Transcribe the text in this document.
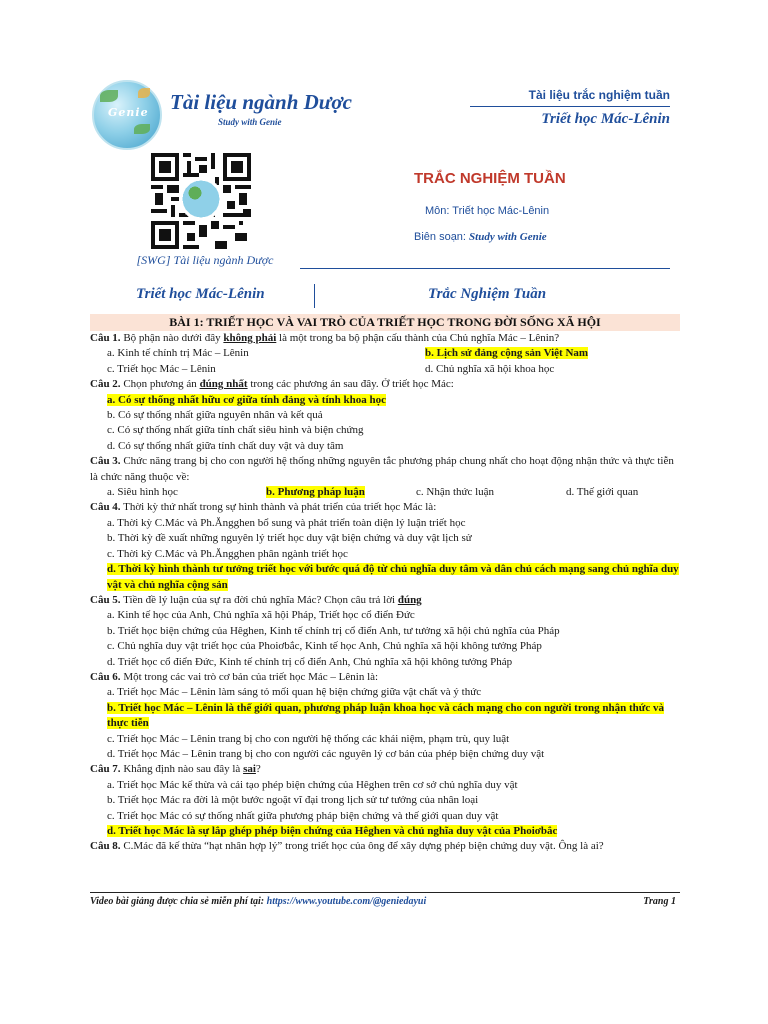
Genie Tài liệu ngành Dược
Study with Genie
Tài liệu trắc nghiệm tuần
Triết học Mác-Lênin
[SWG] Tài liệu ngành Dược
TRẮC NGHIỆM TUẦN
Môn: Triết học Mác-Lênin
Biên soạn: Study with Genie
Triết học Mác-Lênin	Trắc Nghiệm Tuần
BÀI 1: TRIẾT HỌC VÀ VAI TRÒ CỦA TRIẾT HỌC TRONG ĐỜI SỐNG XÃ HỘI

Câu 1. Bộ phận nào dưới đây không phải là một trong ba bộ phận cấu thành của Chủ nghĩa Mác – Lênin?

a. Kinh tế chính trị Mác – Lênin	b. Lịch sử đảng cộng sản Việt Nam
c. Triết học Mác – Lênin	d. Chủ nghĩa xã hội khoa học

Câu 2. Chọn phương án đúng nhất trong các phương án sau đây. Ở triết học Mác:

a. Có sự thống nhất hữu cơ giữa tính đảng và tính khoa học
b. Có sự thống nhất giữa nguyên nhân và kết quả
c. Có sự thống nhất giữa tính chất siêu hình và biện chứng
d. Có sự thống nhất giữa tính chất duy vật và duy tâm

Câu 3. Chức năng trang bị cho con người hệ thống những nguyên tắc phương pháp chung nhất cho hoạt động nhận thức và thực tiễn là chức năng thuộc về:

a. Siêu hình học	b. Phương pháp luận	c. Nhận thức luận	d. Thế giới quan

Câu 4. Thời kỳ thứ nhất trong sự hình thành và phát triển của triết học Mác là:

a. Thời kỳ C.Mác và Ph.Ăngghen bổ sung và phát triển toàn diện lý luận triết học
b. Thời kỳ đề xuất những nguyên lý triết học duy vật biện chứng và duy vật lịch sử
c. Thời kỳ C.Mác và Ph.Ăngghen phân ngành triết học
d. Thời kỳ hình thành tư tưởng triết học với bước quá độ từ chủ nghĩa duy tâm và dân chủ cách mạng sang chủ nghĩa duy vật và chủ nghĩa cộng sản

Câu 5. Tiền đề lý luận của sự ra đời chủ nghĩa Mác? Chọn câu trả lời đúng

a. Kinh tế học của Anh, Chủ nghĩa xã hội Pháp, Triết học cổ điển Đức
b. Triết học biện chứng của Hêghen, Kinh tế chính trị cổ điển Anh, tư tưởng xã hội chủ nghĩa của Pháp
c. Chủ nghĩa duy vật triết học của Phoiơbắc, Kinh tế học Anh, Chủ nghĩa xã hội không tưởng Pháp
d. Triết học cổ điển Đức, Kinh tế chính trị cổ điển Anh, Chủ nghĩa xã hội không tưởng Pháp

Câu 6. Một trong các vai trò cơ bản của triết học Mác – Lênin là:

a. Triết học Mác – Lênin làm sáng tỏ mối quan hệ biện chứng giữa vật chất và ý thức
b. Triết học Mác – Lênin là thế giới quan, phương pháp luận khoa học và cách mạng cho con người trong nhận thức và thực tiễn
c. Triết học Mác – Lênin trang bị cho con người hệ thống các khái niệm, phạm trù, quy luật
d. Triết học Mác – Lênin trang bị cho con người các nguyên lý cơ bản của phép biện chứng duy vật

Câu 7. Khẳng định nào sau đây là sai?

a. Triết học Mác kế thừa và cải tạo phép biện chứng của Hêghen trên cơ sở chủ nghĩa duy vật
b. Triết học Mác ra đời là một bước ngoặt vĩ đại trong lịch sử tư tưởng của nhân loại
c. Triết học Mác có sự thống nhất giữa phương pháp biện chứng và thế giới quan duy vật
d. Triết học Mác là sự lắp ghép phép biện chứng của Hêghen và chủ nghĩa duy vật của Phoiơbắc

Câu 8. C.Mác đã kế thừa “hạt nhân hợp lý” trong triết học của ông để xây dựng phép biện chứng duy vật. Ông là ai?

Video bài giảng được chia sẻ miễn phí tại: https://www.youtube.com/@geniedayui	Trang 1
